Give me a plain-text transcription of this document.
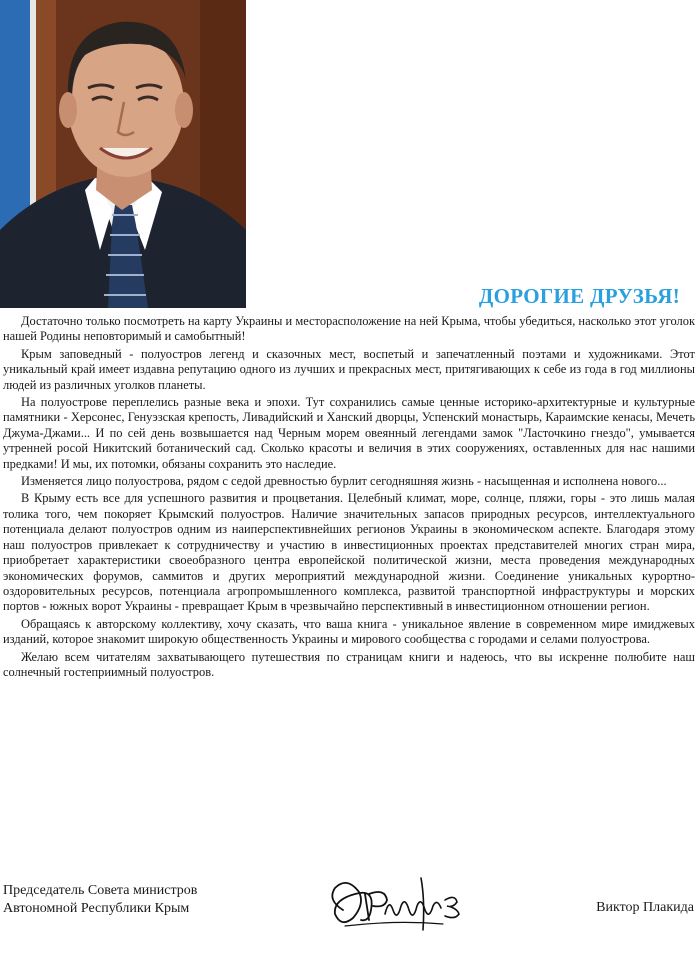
ДОРОГИЕ ДРУЗЬЯ!

Достаточно только посмотреть на карту Украины и месторасположение на ней Крыма, чтобы убедиться, насколько этот уголок нашей Родины неповторимый и самобытный!

Крым заповедный - полуостров легенд и сказочных мест, воспетый и запечатленный поэтами и художниками. Этот уникальный край имеет издавна репутацию одного из лучших и прекрасных мест, притягивающих к себе из года в год миллионы людей из различных уголков планеты.

На полуострове переплелись разные века и эпохи. Тут сохранились самые ценные историко-архитектурные и культурные памятники - Херсонес, Генуэзская крепость, Ливадийский и Ханский дворцы, Успенский монастырь, Караимские кенасы, Мечеть Джума-Джами... И по сей день возвышается над Черным морем овеянный легендами замок "Ласточкино гнездо", умывается утренней росой Никитский ботанический сад. Сколько красоты и величия в этих сооружениях, оставленных для нас нашими предками! И мы, их потомки, обязаны сохранить это наследие.

Изменяется лицо полуострова, рядом с седой древностью бурлит сегодняшняя жизнь - насыщенная и исполнена нового...

В Крыму есть все для успешного развития и процветания. Целебный климат, море, солнце, пляжи, горы - это лишь малая толика того, чем покоряет Крымский полуостров. Наличие значительных запасов природных ресурсов, интеллектуального потенциала делают полуостров одним из наиперспективнейших регионов Украины в экономическом аспекте. Благодаря этому наш полуостров привлекает к сотрудничеству и участию в инвестиционных проектах представителей многих стран мира, приобретает характеристики своеобразного центра европейской политической жизни, места проведения международных экономических форумов, саммитов и других мероприятий международной жизни. Соединение уникальных курортно-оздоровительных ресурсов, потенциала агропромышленного комплекса, развитой транспортной инфраструктуры и морских портов - южных ворот Украины - превращает Крым в чрезвычайно перспективный в инвестиционном отношении регион.

Обращаясь к авторскому коллективу, хочу сказать, что ваша книга - уникальное явление в современном мире имиджевых изданий, которое знакомит широкую общественность Украины и мирового сообщества с городами и селами полуострова.

Желаю всем читателям захватывающего путешествия по страницам книги и надеюсь, что вы искренне полюбите наш солнечный гостеприимный полуостров.

Председатель Совета министров
Автономной Республики Крым	Виктор Плакида
